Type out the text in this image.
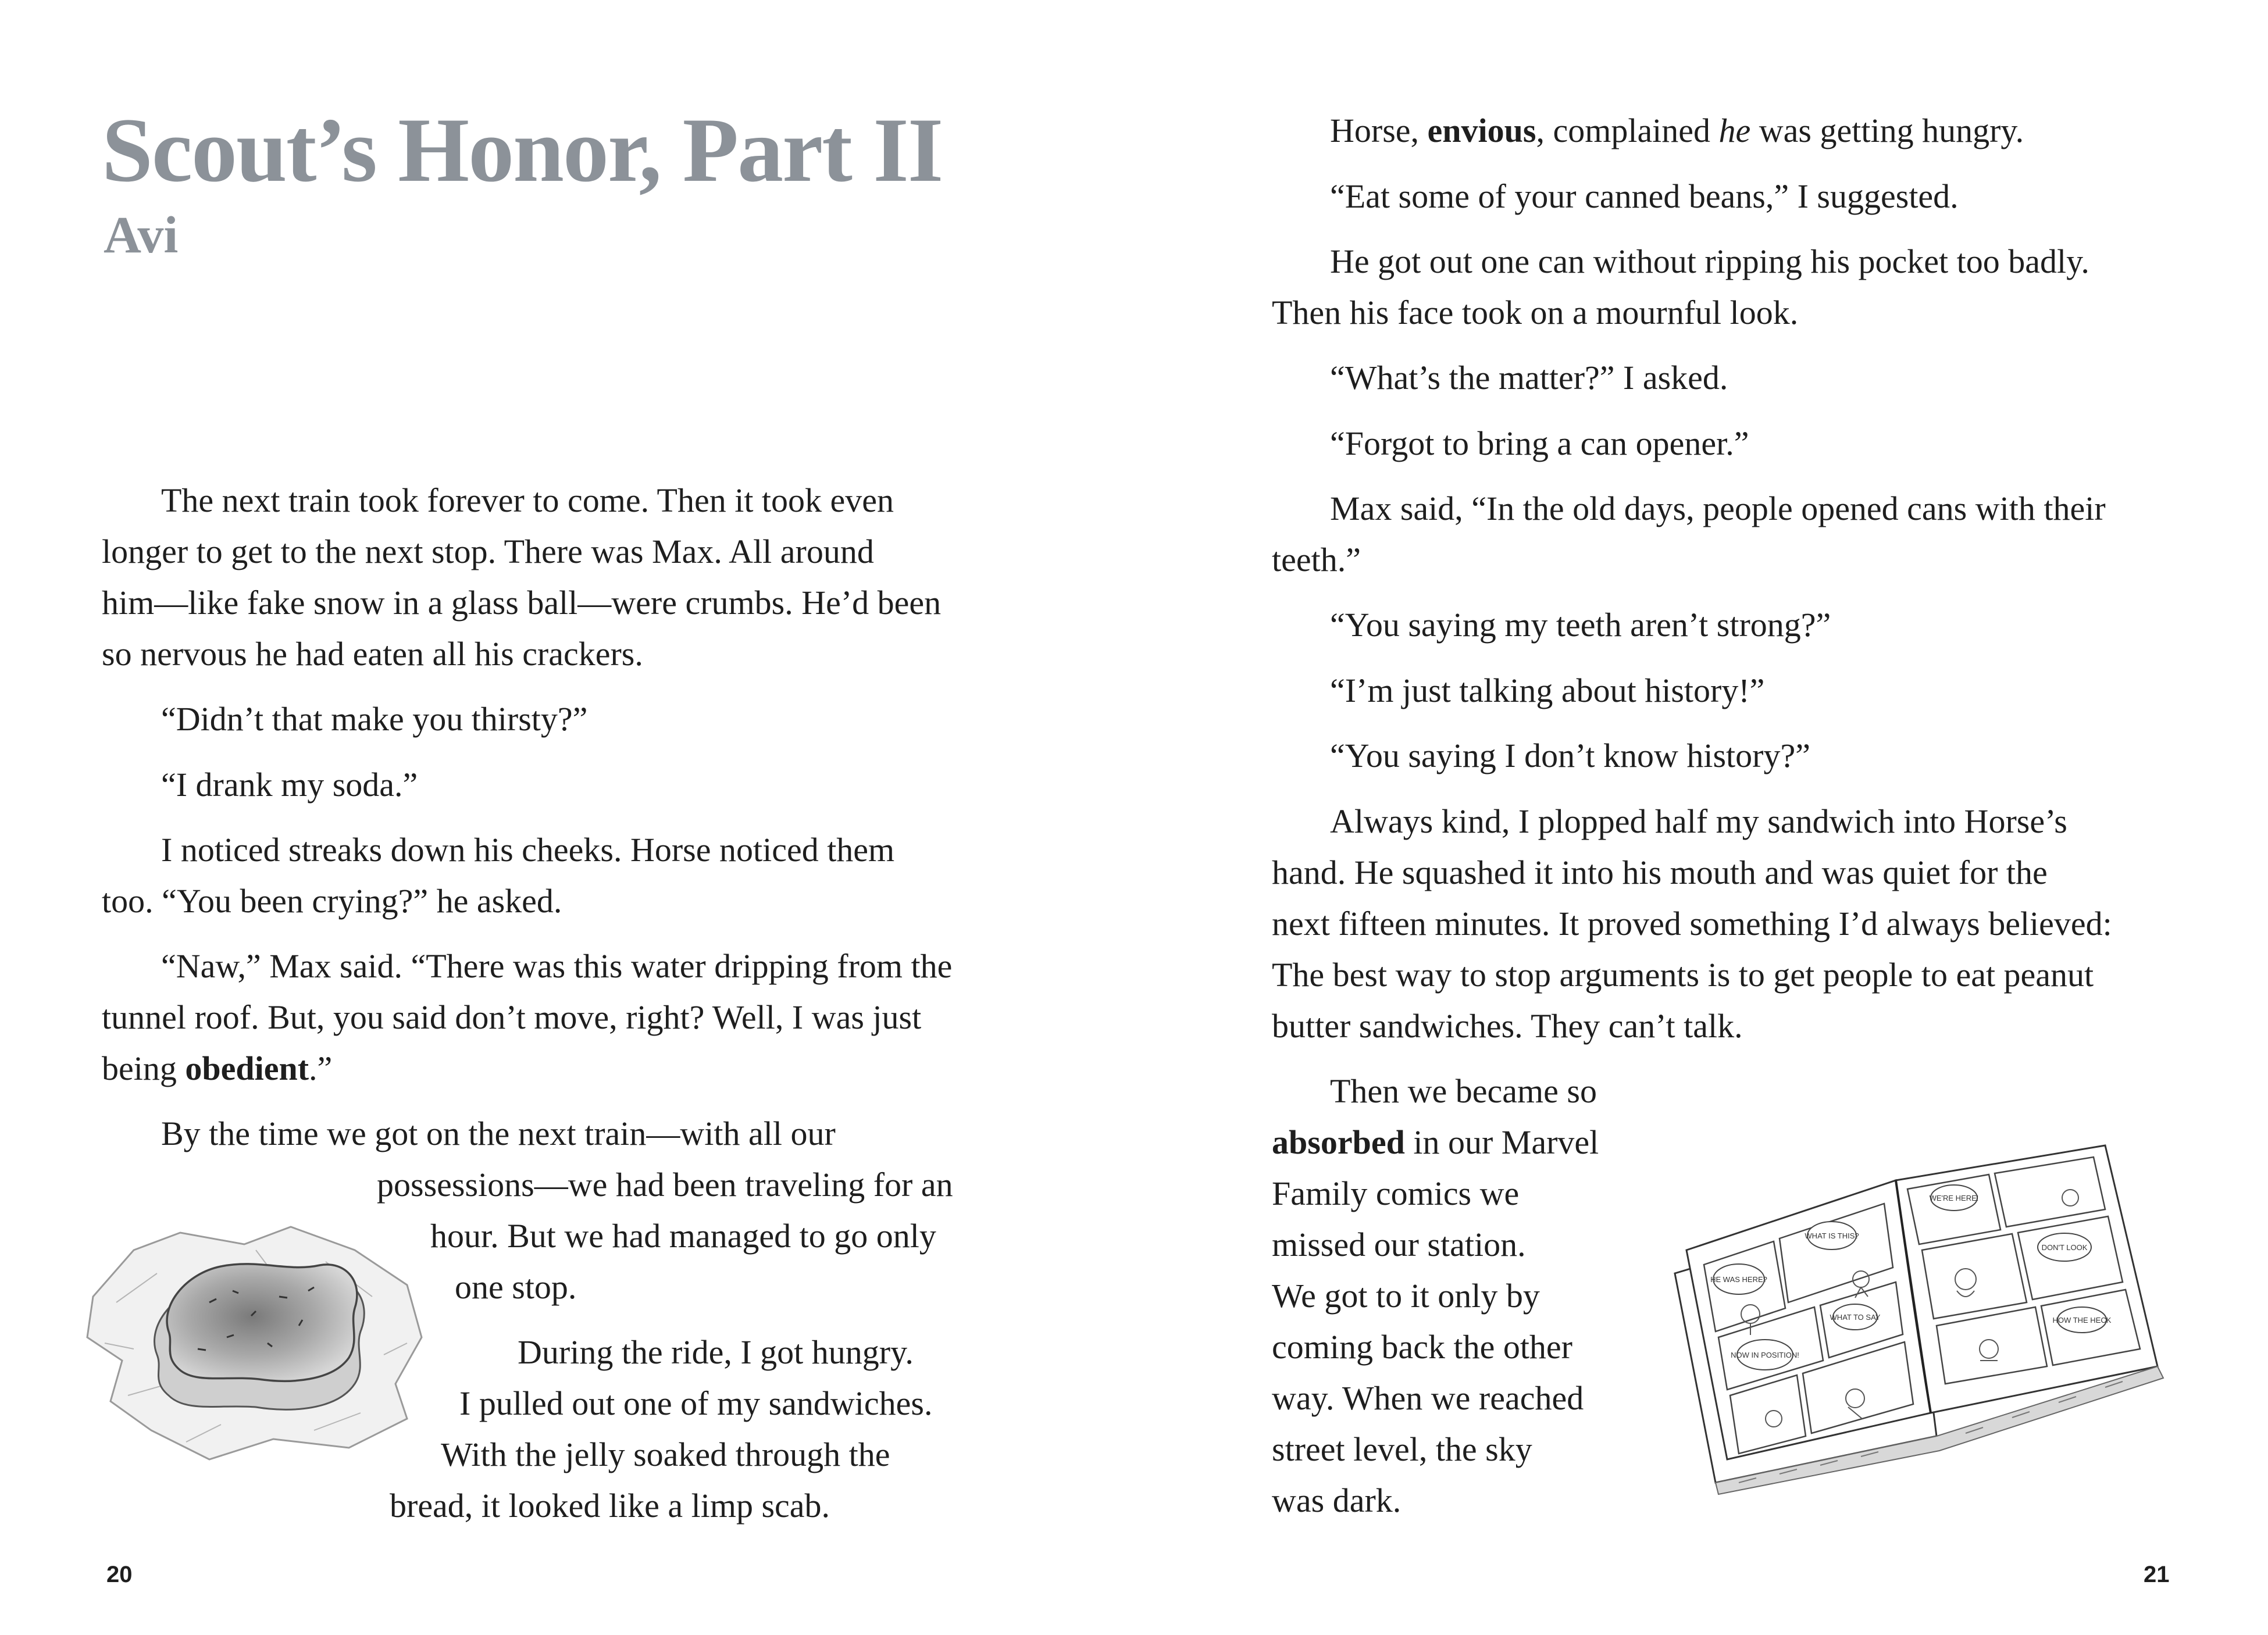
Scout’s Honor, Part II
Avi
The next train took forever to come. Then it took even
longer to get to the next stop. There was Max. All around
him—like fake snow in a glass ball—were crumbs. He’d been
so nervous he had eaten all his crackers.
“Didn’t that make you thirsty?”
“I drank my soda.”
I noticed streaks down his cheeks. Horse noticed them
too. “You been crying?” he asked.
“Naw,” Max said. “There was this water dripping from the
tunnel roof. But, you said don’t move, right? Well, I was just
being obedient.”
By the time we got on the next train—with all our
possessions—we had been traveling for an
hour. But we had managed to go only
one stop.
During the ride, I got hungry.
I pulled out one of my sandwiches.
With the jelly soaked through the
bread, it looked like a limp scab.
Horse, envious, complained he was getting hungry.
“Eat some of your canned beans,” I suggested.
He got out one can without ripping his pocket too badly.
Then his face took on a mournful look.
“What’s the matter?” I asked.
“Forgot to bring a can opener.”
Max said, “In the old days, people opened cans with their
teeth.”
“You saying my teeth aren’t strong?”
“I’m just talking about history!”
“You saying I don’t know history?”
Always kind, I plopped half my sandwich into Horse’s
hand. He squashed it into his mouth and was quiet for the
next fifteen minutes. It proved something I’d always believed:
The best way to stop arguments is to get people to eat peanut
butter sandwiches. They can’t talk.
Then we became so
absorbed in our Marvel
Family comics we
missed our station.
We got to it only by
coming back the other
way. When we reached
street level, the sky
was dark.
HE WAS HERE?
WHAT IS THIS?
WE'RE HERE!
NOW IN POSITION!
DON'T LOOK
WHAT TO SAY	HOW THE HECK
20	21
